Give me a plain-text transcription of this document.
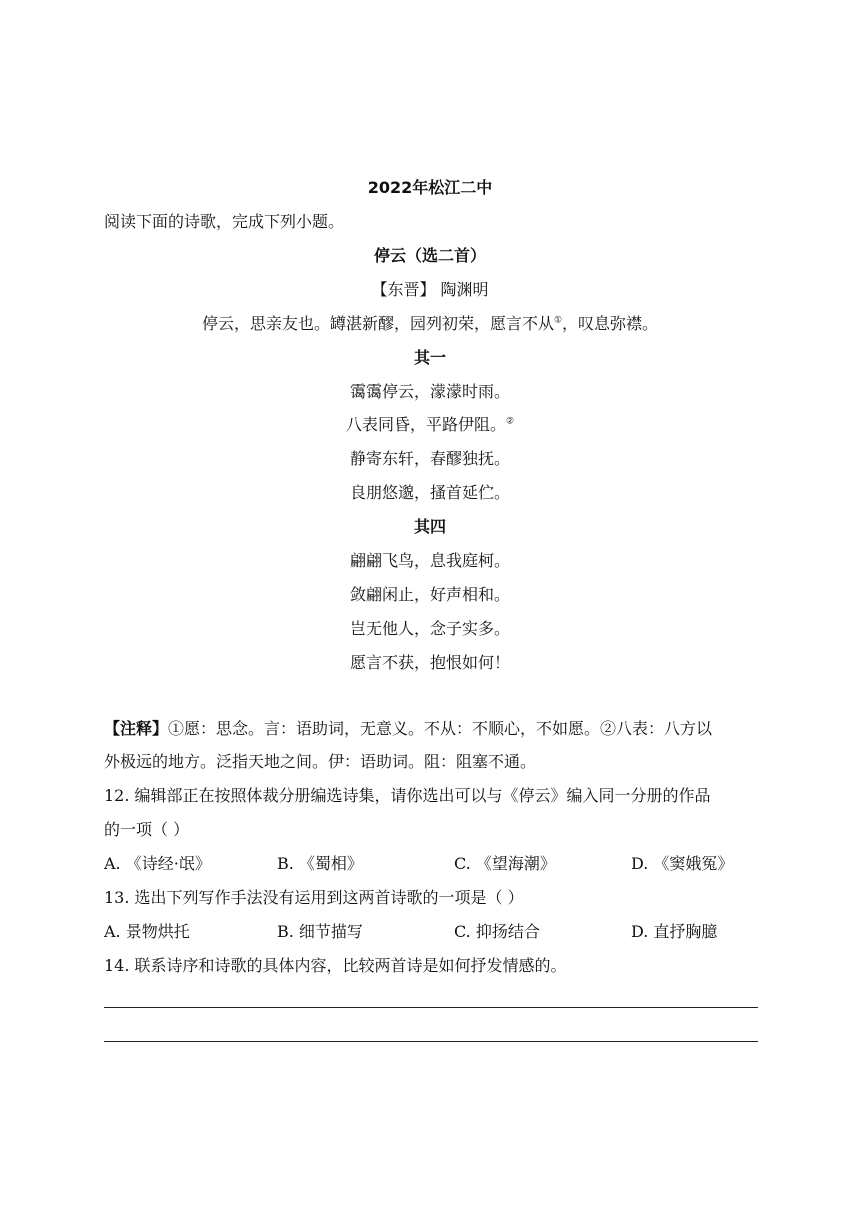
2022年松江二中
阅读下面的诗歌，完成下列小题。
停云（选二首）
【东晋】 陶渊明
停云，思亲友也。罇湛新醪，园列初荣，愿言不从①，叹息弥襟。
其一
霭霭停云，濛濛时雨。
八表同昏，平路伊阻。②
静寄东轩，春醪独抚。
良朋悠邈，搔首延伫。
其四
翩翩飞鸟，息我庭柯。
敛翩闲止，好声相和。
岂无他人，念子实多。
愿言不获，抱恨如何！
【注释】①愿：思念。言：语助词，无意义。不从：不顺心，不如愿。②八表：八方以
外极远的地方。泛指天地之间。伊：语助词。阻：阻塞不通。
12. 编辑部正在按照体裁分册编选诗集，请你选出可以与《停云》编入同一分册的作品
的一项（ ）
A. 《诗经·氓》	B. 《蜀相》	C. 《望海潮》	D. 《窦娥冤》
13. 选出下列写作手法没有运用到这两首诗歌的一项是（ ）
A. 景物烘托	B. 细节描写	C. 抑扬结合	D. 直抒胸臆
14. 联系诗序和诗歌的具体内容，比较两首诗是如何抒发情感的。
